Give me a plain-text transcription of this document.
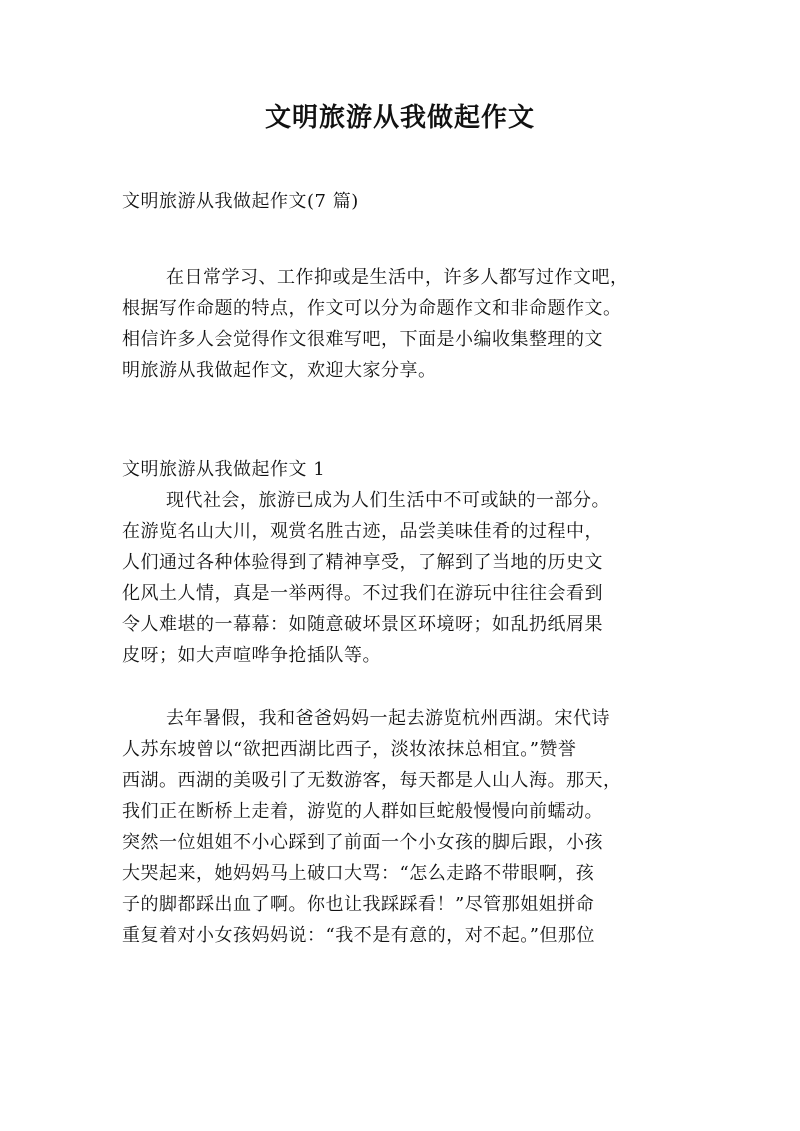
文明旅游从我做起作文
文明旅游从我做起作文(7 篇)
在日常学习、工作抑或是生活中，许多人都写过作文吧，
根据写作命题的特点，作文可以分为命题作文和非命题作文。
相信许多人会觉得作文很难写吧，下面是小编收集整理的文
明旅游从我做起作文，欢迎大家分享。
文明旅游从我做起作文 1
现代社会，旅游已成为人们生活中不可或缺的一部分。
在游览名山大川，观赏名胜古迹，品尝美味佳肴的过程中，
人们通过各种体验得到了精神享受，了解到了当地的历史文
化风土人情，真是一举两得。不过我们在游玩中往往会看到
令人难堪的一幕幕：如随意破坏景区环境呀；如乱扔纸屑果
皮呀；如大声喧哗争抢插队等。
去年暑假，我和爸爸妈妈一起去游览杭州西湖。宋代诗
人苏东坡曾以“欲把西湖比西子，淡妆浓抹总相宜。”赞誉
西湖。西湖的美吸引了无数游客，每天都是人山人海。那天，
我们正在断桥上走着，游览的人群如巨蛇般慢慢向前蠕动。
突然一位姐姐不小心踩到了前面一个小女孩的脚后跟，小孩
大哭起来，她妈妈马上破口大骂：“怎么走路不带眼啊，孩
子的脚都踩出血了啊。你也让我踩踩看！”尽管那姐姐拼命
重复着对小女孩妈妈说：“我不是有意的，对不起。”但那位
